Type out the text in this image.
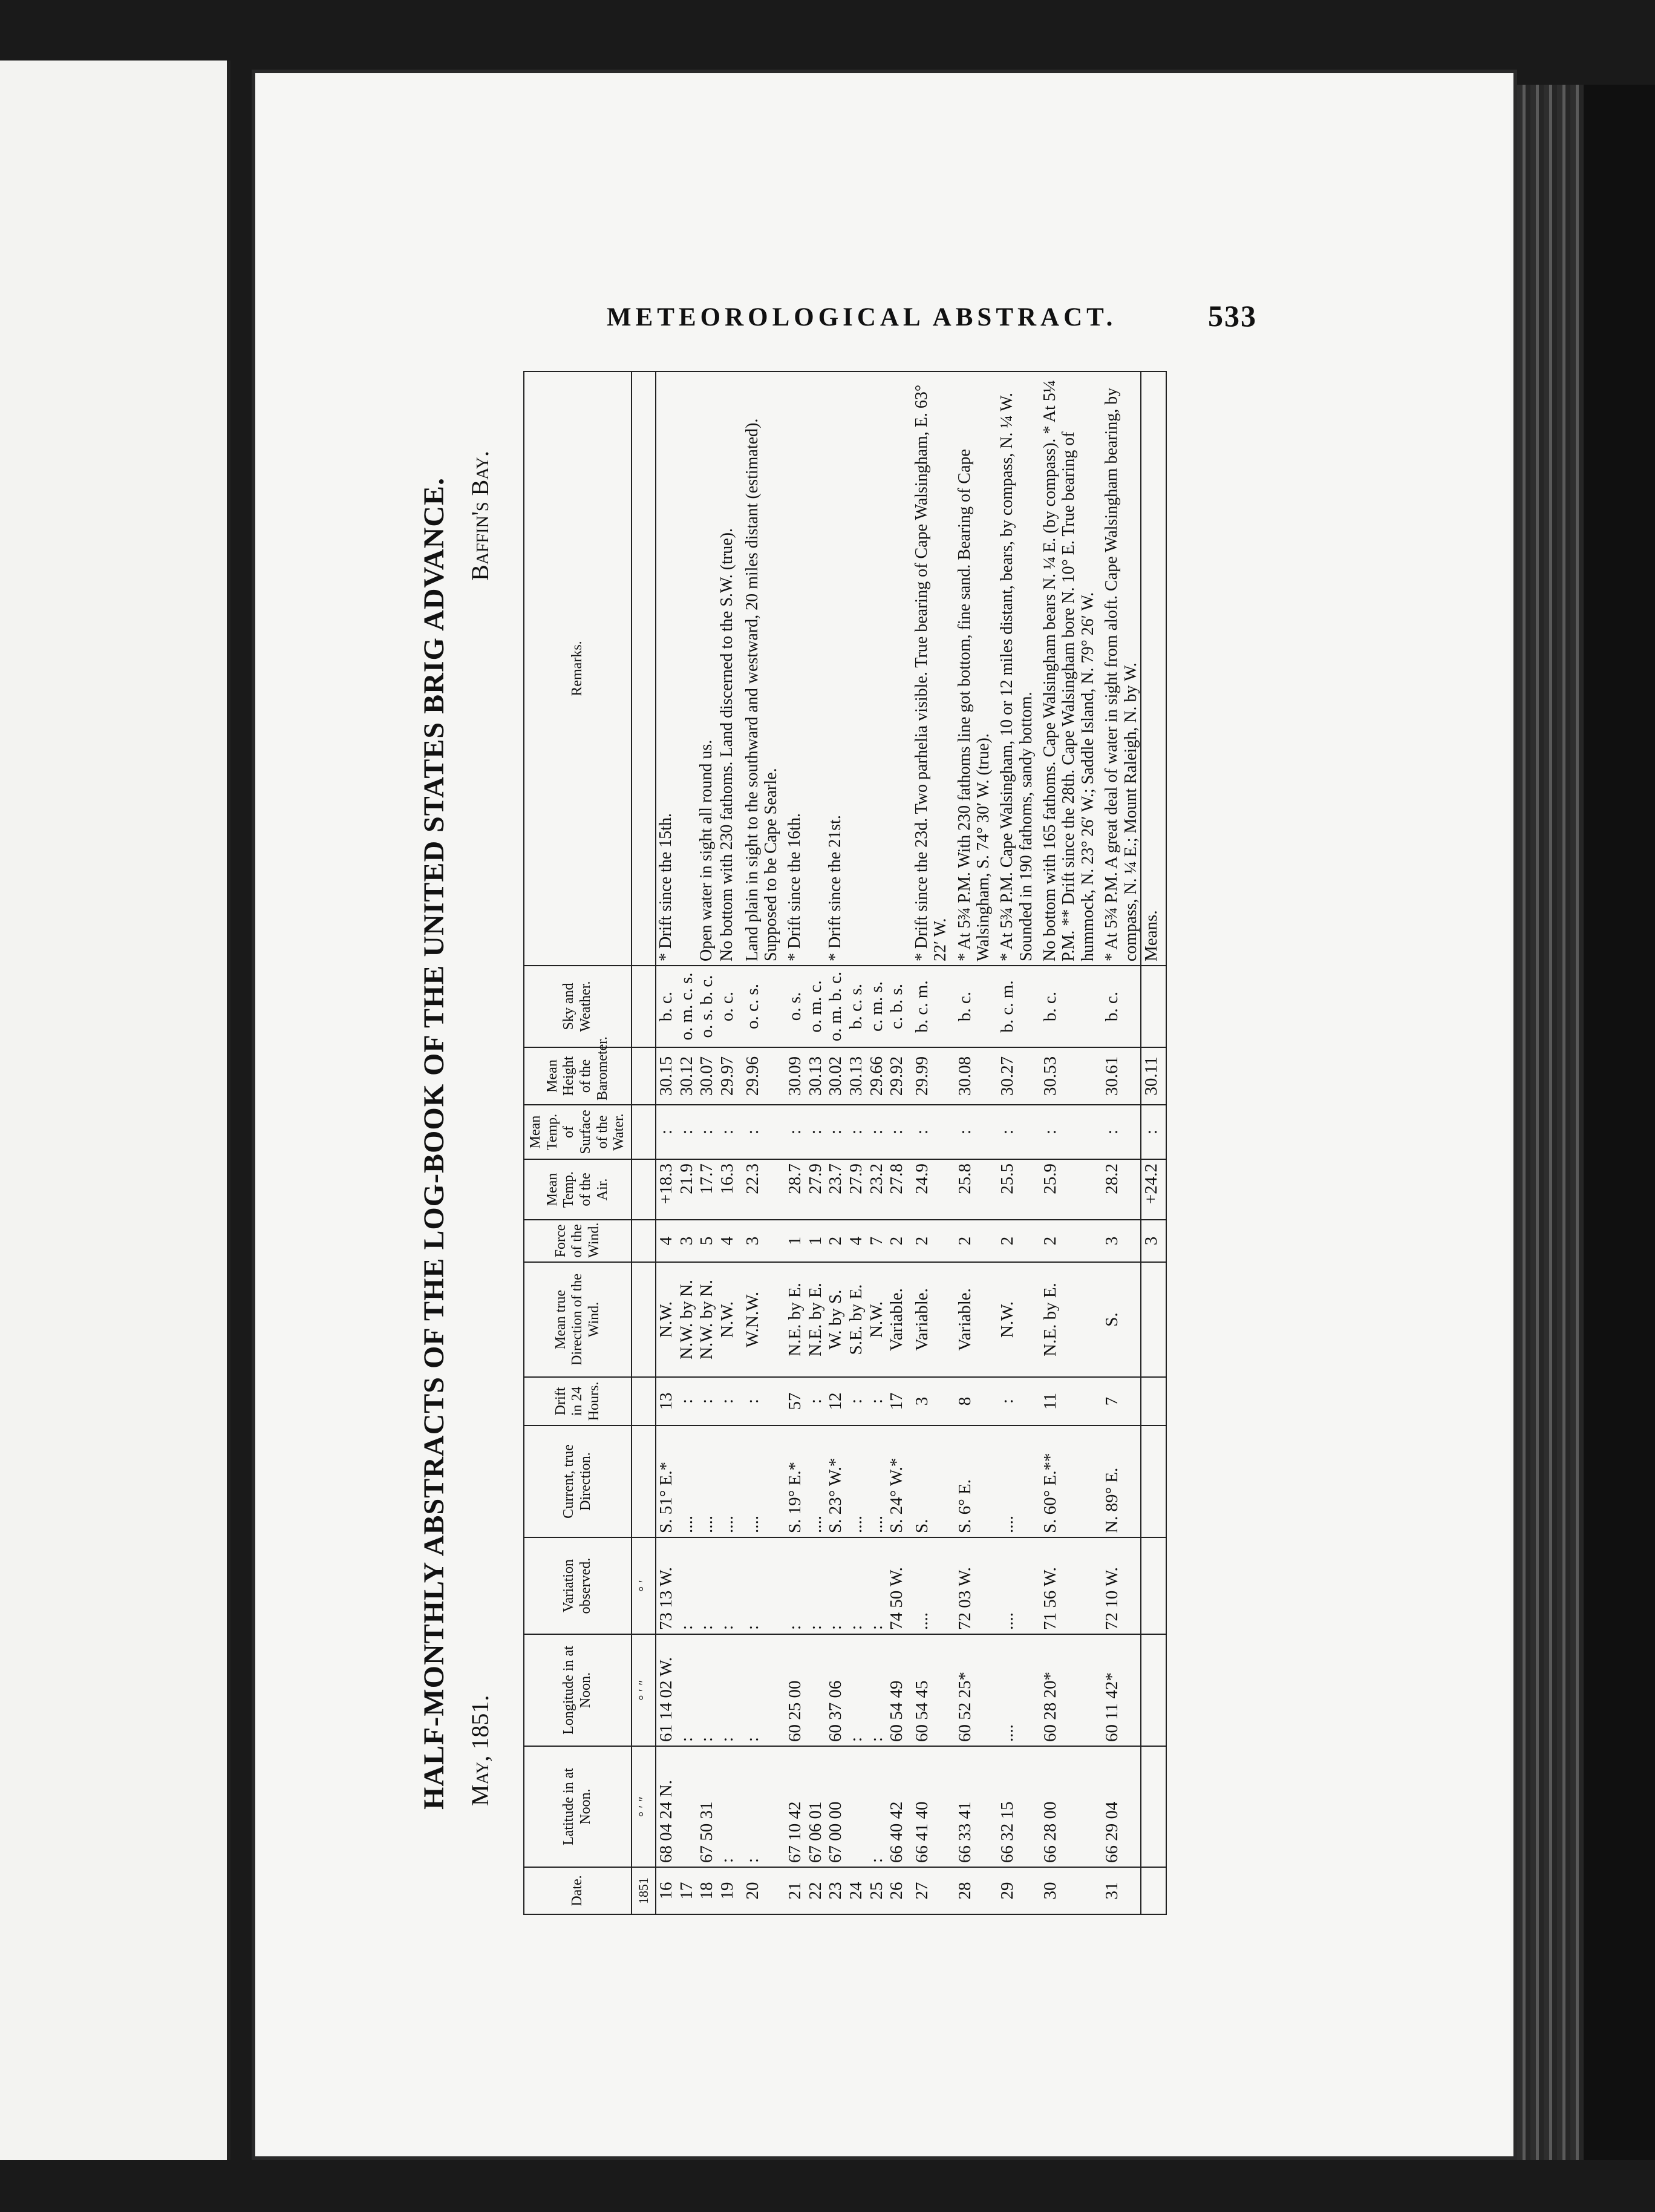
METEOROLOGICAL ABSTRACT.	533
HALF-MONTHLY ABSTRACTS OF THE LOG-BOOK OF THE UNITED STATES BRIG ADVANCE. May, 1851.
Baffin's Bay.
Date.	Latitude in at Noon.	Longitude in at Noon.	Variation observed.	Current, true Direction.	Drift in 24 Hours.	Mean true Direction of the Wind.	Force of the Wind.	Mean Temp. of the Air.	Mean Temp. of Surface of the Water.	Mean Height of the Barometer.	Sky and Weather.	Remarks.
1851	° ′ ″	° ′ ″	° ′									
16	68 04 24 N.	61 14 02 W.	73 13 W.	S. 51° E.*	13	N.W.	4	+18.3	:	30.15	b. c.	* Drift since the 15th.
17		:	:	....	:	N.W. by N.	3	21.9	:	30.12	o. m. c. s.	
18	67 50 31	:	:	....	:	N.W. by N.	5	17.7	:	30.07	o. s. b. c.	Open water in sight all round us.
19	:	:	:	....	:	N.W.	4	16.3	:	29.97	o. c.	No bottom with 230 fathoms. Land discerned to the S.W. (true).

20	:	:	:	....	:	W.N.W.	3	22.3	:	29.96	o. c. s.	Land plain in sight to the southward and westward, 20 miles distant (estimated). Supposed to be Cape Searle.

21	67 10 42	60 25 00	:	S. 19° E.*	57	N.E. by E.	1	28.7	:	30.09	o. s.	* Drift since the 16th.
22	67 06 01		:	....	:	N.E. by E.	1	27.9	:	30.13	o. m. c.	
23	67 00 00	60 37 06	:	S. 23° W.*	12	W. by S.	2	23.7	:	30.02	o. m. b. c.	* Drift since the 21st.
24		:	:	....	:	S.E. by E.	4	27.9	:	30.13	b. c. s.	
25	:	:	:	....	:	N.W.	7	23.2	:	29.66	c. m. s.	
26	66 40 42	60 54 49	74 50 W.	S. 24° W.*	17	Variable.	2	27.8	:	29.92	c. b. s.	

27	66 41 40	60 54 45	....	S.	3	Variable.	2	24.9	:	29.99	b. c. m.	* Drift since the 23d. Two parhelia visible. True bearing of Cape Walsingham, E. 63° 22′ W.

28	66 33 41	60 52 25*	72 03 W.	S. 6° E.	8	Variable.	2	25.8	:	30.08	b. c.	* At 5¾ P.M. With 230 fathoms line got bottom, fine sand. Bearing of Cape Walsingham, S. 74° 30′ W. (true).

29	66 32 15	....	....	....	:	N.W.	2	25.5	:	30.27	b. c. m.	* At 5¾ P.M. Cape Walsingham, 10 or 12 miles distant, bears, by compass, N. ¼ W. Sounded in 190 fathoms, sandy bottom.

30	66 28 00	60 28 20*	71 56 W.	S. 60° E.**	11	N.E. by E.	2	25.9	:	30.53	b. c.	No bottom with 165 fathoms. Cape Walsingham bears N. ¼ E. (by compass). * At 5¼ P.M. ** Drift since the 28th. Cape Walsingham bore N. 10° E. True bearing of hummock, N. 23° 26′ W.; Saddle Island, N. 79° 26′ W.

31	66 29 04	60 11 42*	72 10 W.	N. 89° E.	7	S.	3	28.2	:	30.61	b. c.	* At 5¾ P.M. A great deal of water in sight from aloft. Cape Walsingham bearing, by compass, N. ¼ E.; Mount Raleigh, N. by W.
							3	+24.2	:	30.11		Means.
